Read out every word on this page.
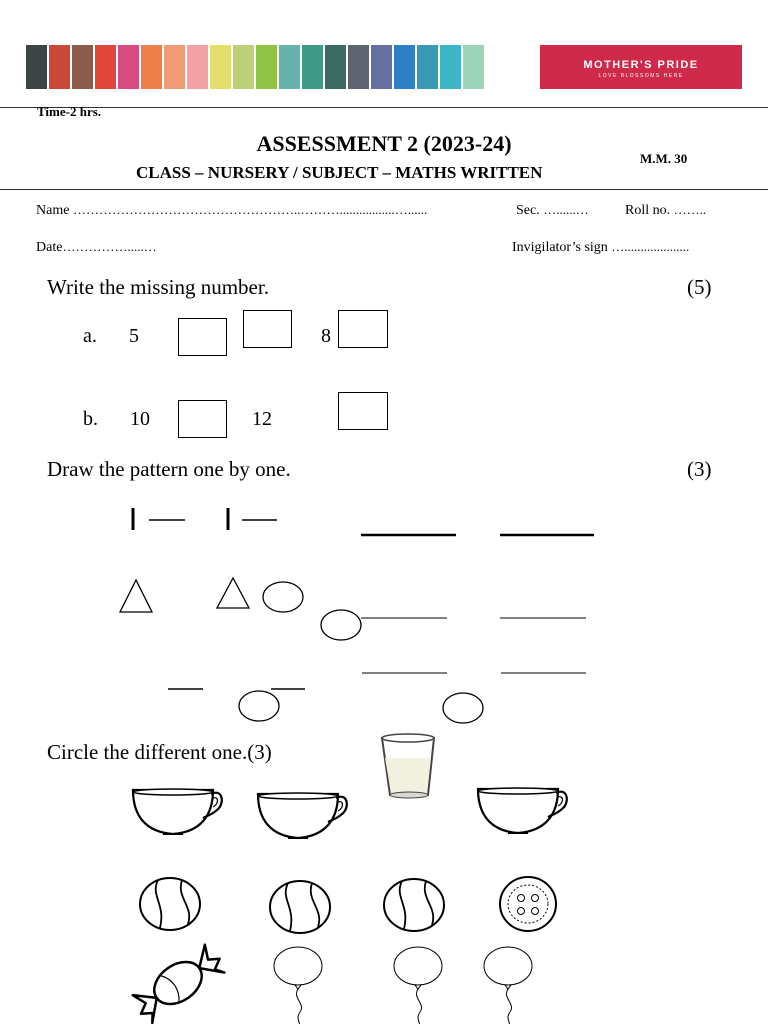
MOTHER'S PRIDE
LOVE BLOSSOMS HERE
Time-2 hrs.
ASSESSMENT 2 (2023-24)
CLASS – NURSERY / SUBJECT – MATHS WRITTEN
M.M. 30
Name ……………………………………………..……….................…......	Sec. …......…	Roll no. ……..
Date…………….....…	Invigilator’s sign …....................
Write the missing number.	(5)
a. 5	8
b. 10	12
Draw the pattern one by one.	(3)
Circle the different one.(3)
